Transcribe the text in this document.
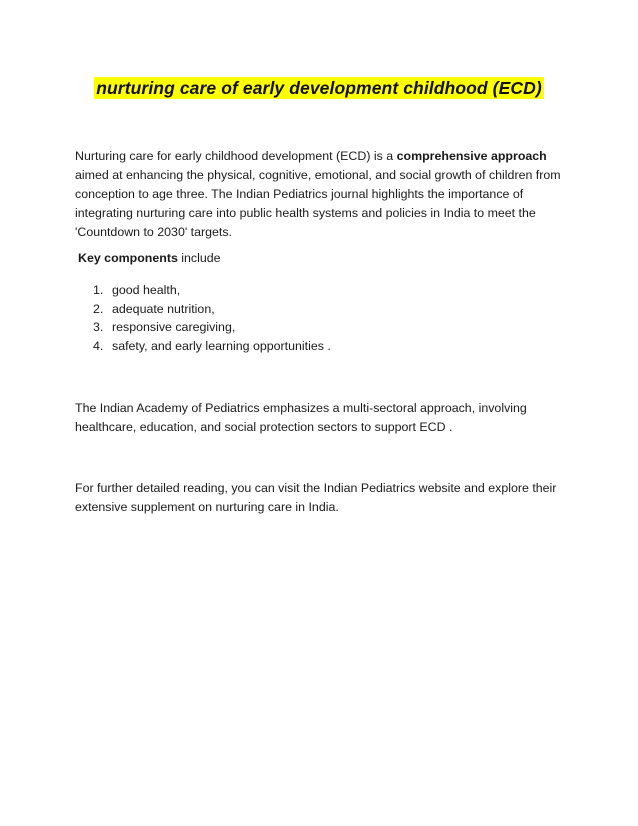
nurturing care of early development childhood (ECD)

Nurturing care for early childhood development (ECD) is a comprehensive approach aimed at enhancing the physical, cognitive, emotional, and social growth of children from conception to age three. The Indian Pediatrics journal highlights the importance of integrating nurturing care into public health systems and policies in India to meet the 'Countdown to 2030' targets.

Key components include

1. good health,
2. adequate nutrition,
3. responsive caregiving,
4. safety, and early learning opportunities .

The Indian Academy of Pediatrics emphasizes a multi-sectoral approach, involving healthcare, education, and social protection sectors to support ECD .

For further detailed reading, you can visit the Indian Pediatrics website and explore their extensive supplement on nurturing care in India.
